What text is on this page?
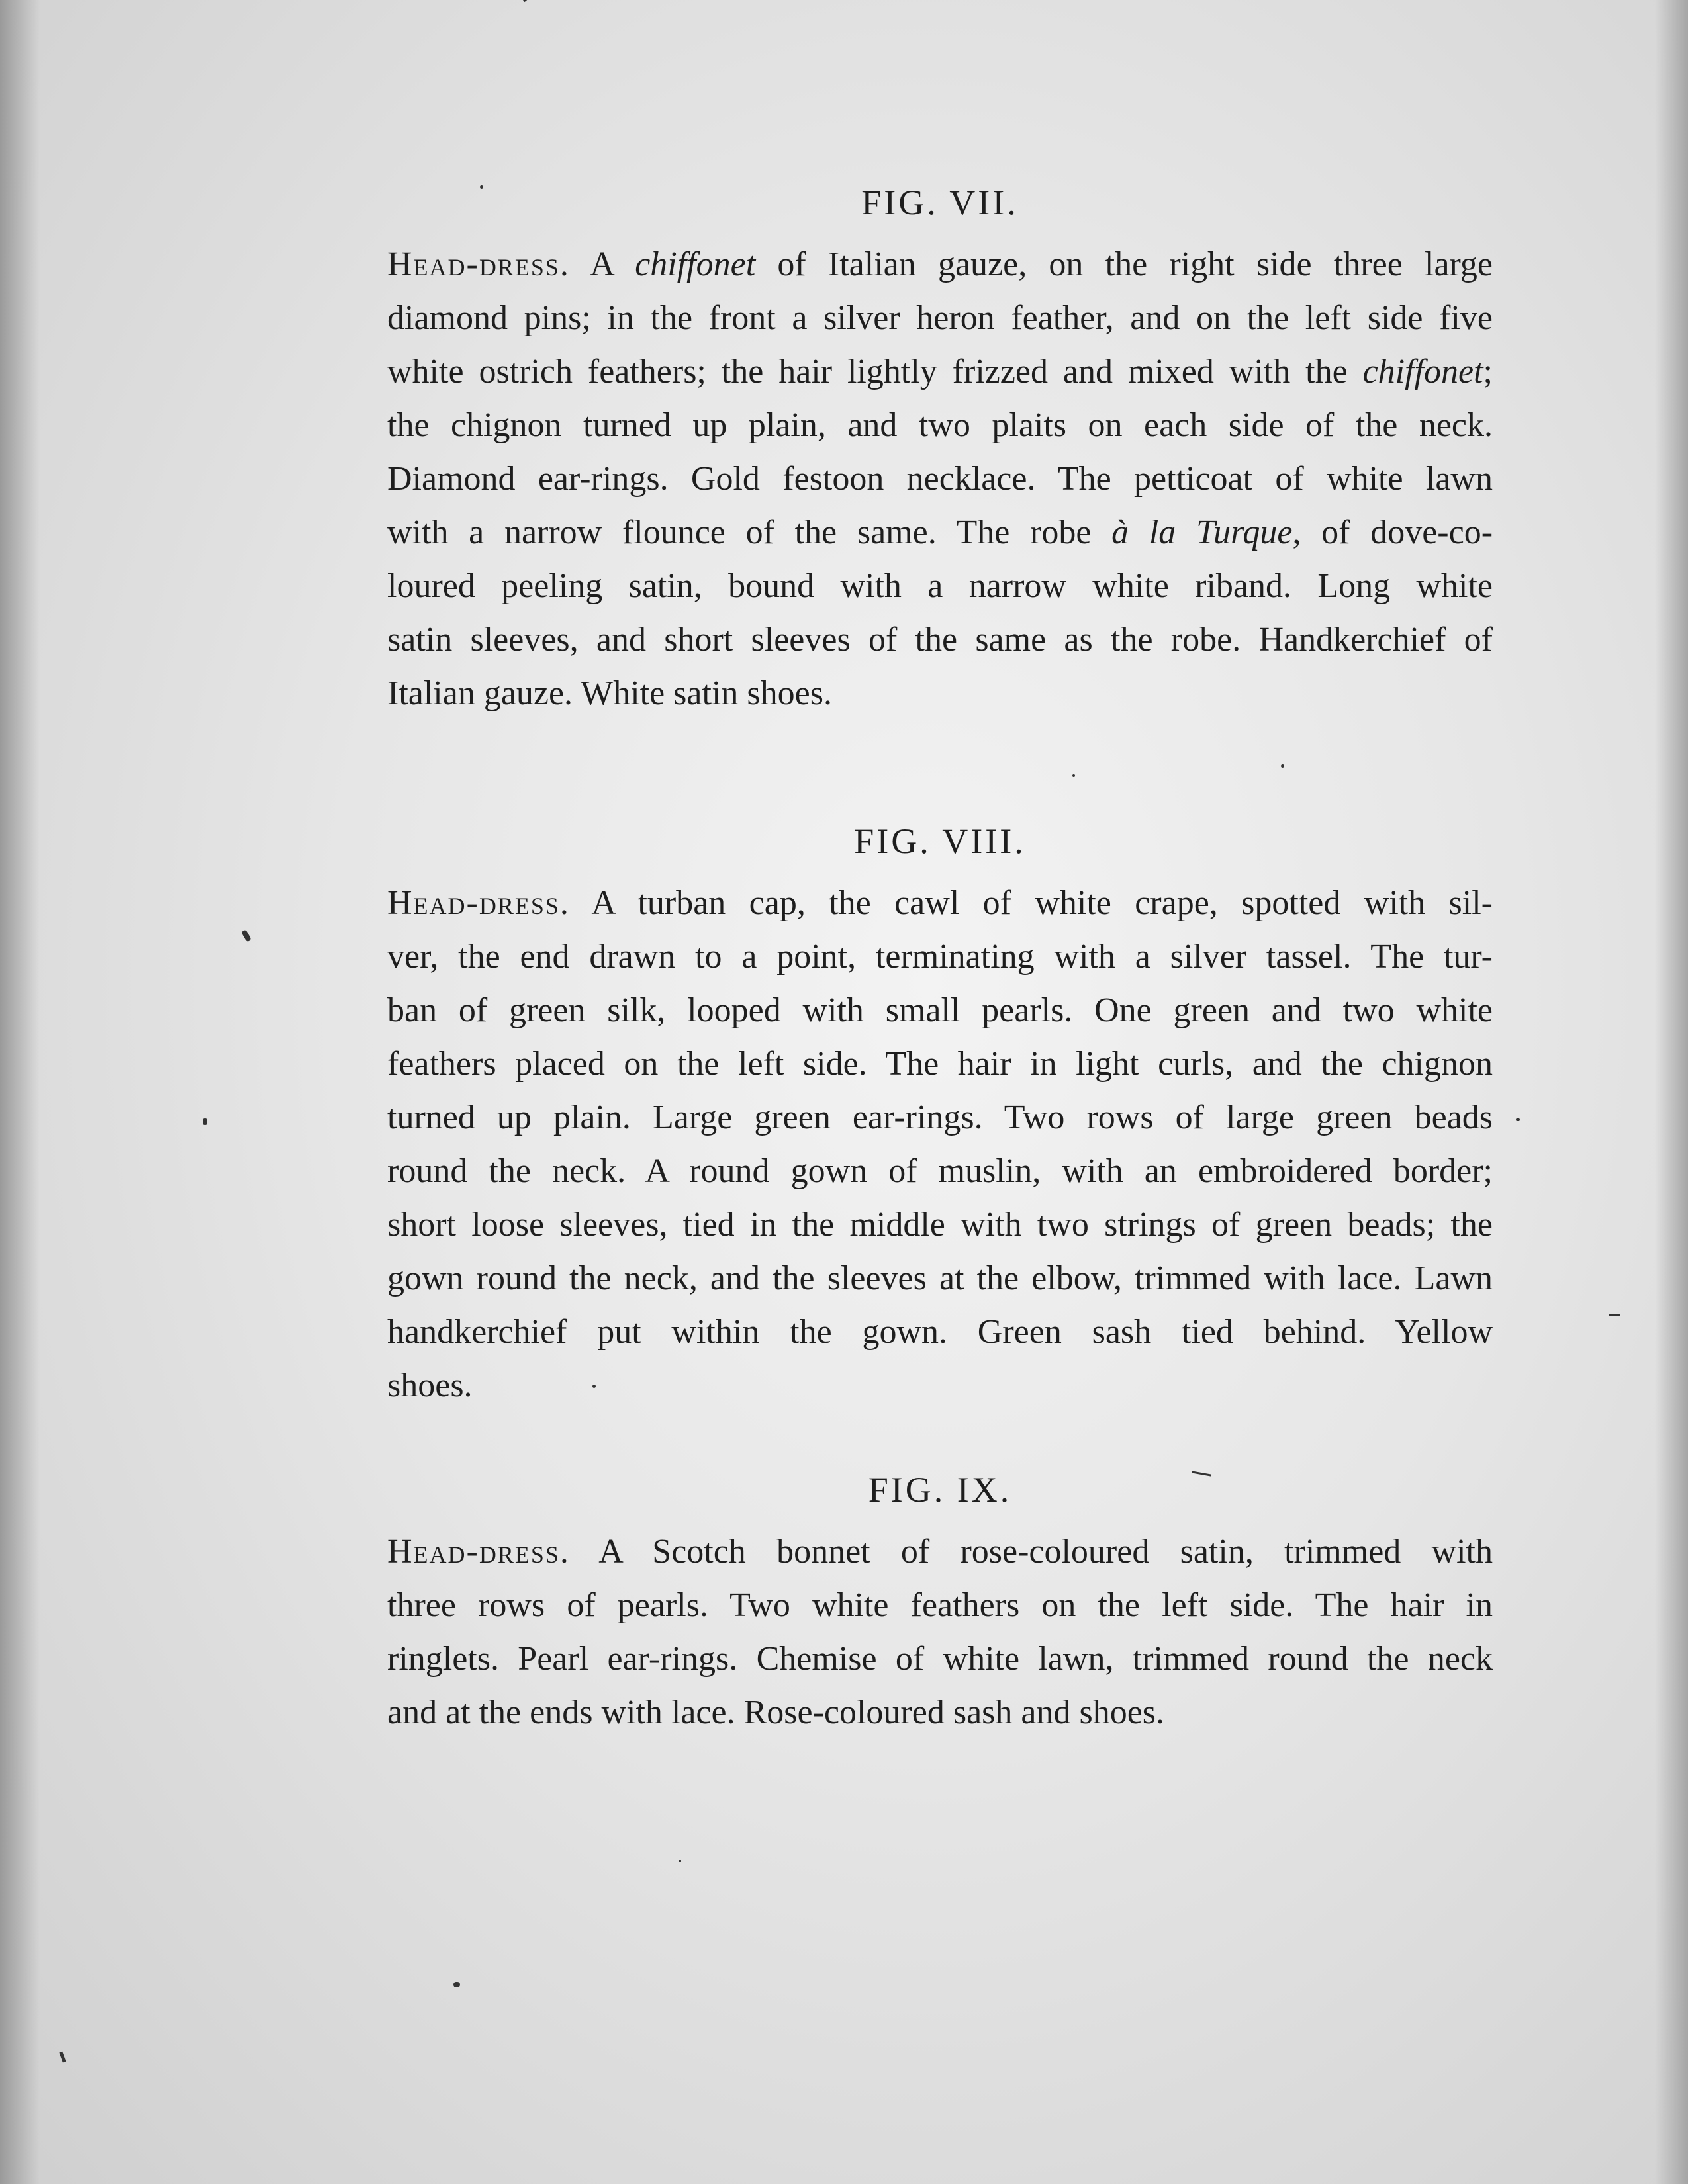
FIG. VII.
Head-dress. A chiffonet of Italian gauze, on the right side three large
diamond pins; in the front a silver heron feather, and on the left side five
white ostrich feathers; the hair lightly frizzed and mixed with the chiffonet;
the chignon turned up plain, and two plaits on each side of the neck.
Diamond ear-rings. Gold festoon necklace. The petticoat of white lawn
with a narrow flounce of the same. The robe à la Turque, of dove-co-
loured peeling satin, bound with a narrow white riband. Long white
satin sleeves, and short sleeves of the same as the robe. Handkerchief of
Italian gauze. White satin shoes.
FIG. VIII.
Head-dress. A turban cap, the cawl of white crape, spotted with sil-
ver, the end drawn to a point, terminating with a silver tassel. The tur-
ban of green silk, looped with small pearls. One green and two white
feathers placed on the left side. The hair in light curls, and the chignon
turned up plain. Large green ear-rings. Two rows of large green beads
round the neck. A round gown of muslin, with an embroidered border;
short loose sleeves, tied in the middle with two strings of green beads; the
gown round the neck, and the sleeves at the elbow, trimmed with lace. Lawn
handkerchief put within the gown. Green sash tied behind. Yellow
shoes.
FIG. IX.
Head-dress. A Scotch bonnet of rose-coloured satin, trimmed with
three rows of pearls. Two white feathers on the left side. The hair in
ringlets. Pearl ear-rings. Chemise of white lawn, trimmed round the neck
and at the ends with lace. Rose-coloured sash and shoes.
